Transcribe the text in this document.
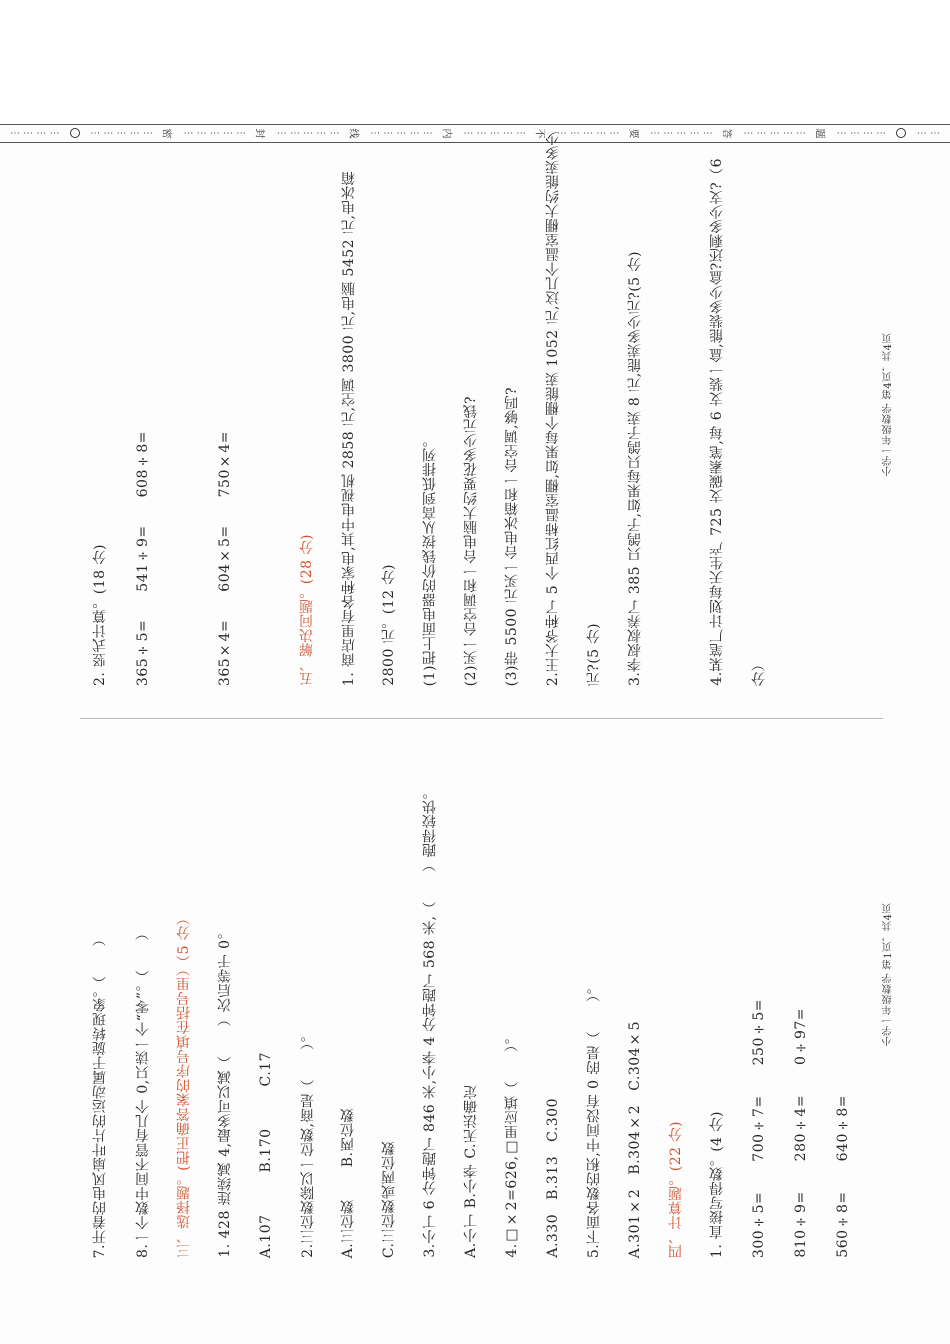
⋯ ⋯ ⋯ ⋯	⋯ ⋯ ⋯ ⋯ ⋯ 密	⋯ ⋯ ⋯ ⋯ ⋯ 封	⋯ ⋯ ⋯ ⋯ ⋯ 线	⋯ ⋯ ⋯ ⋯ ⋯ 内	⋯ ⋯ ⋯ ⋯ ⋯ 不	⋯ ⋯ ⋯ ⋯ ⋯ 要	⋯ ⋯ ⋯ ⋯ ⋯ 答	⋯ ⋯ ⋯ ⋯ ⋯ 题	⋯ ⋯ ⋯ ⋯	⋯ ⋯
7.开着的电风扇叶片的运动属于旋转现象。（　　） 8.一个数中间不管有几个 0,只读一个“零”。（　　） 三、选择题。(把正确答案的序号填在括号里）（5 分） 1. 428 连续减 4,最多可以减（　　）次后等于 0。 A.107B.170C.17 2.三位数除以一位数,商是（　　）。 A.三位数B.两位数
C.三位数或两位数 3.小丁 6 分钟跑了 846 米,小李 4 分钟跑了 568 米,（　　）跑得较快。 A.小丁 B.小李 C.无法确定 4.□×2=626,□里应填（　　）。 A.330B.313C.300 5.下面各数的积,中间没有 0 的是（　　）。 A.301×2B.304×2C.304×5
四、计算题。(22 分) 1. 直接写得数。(4 分) 300÷5=700÷7=250÷5=
810÷9=280÷4=0÷97=
560÷8=640÷8=
小学一年级数学 第1页，共4页
2. 竖式计算。(18 分) 365÷5=541÷9=608÷8=
365×4=604×5=750×4=
五、解决问题。(28 分) 1. 商店里有各种家电,其中电视机 2858 元,空调 3800 元,电脑 5452 元,电冰箱 2800 元。(12 分) (1)把上面电器的价钱按从高到低排列。 (2)买一台空调和一台电脑大约要花多少元钱? (3)带 5500 元买一台电冰箱和一台空调,够吗? 2.王大爷种了 5 个西红柿温室棚,如果每个棚能卖 1052 元,这几个温室棚大约能卖多少 元?(5 分) 3.李叔叔养了 385 只鸽子,如果每只鸽子卖 8 元,能卖多少元?(5 分)	4.某笔厂计划每天生产 725 支碳素笔,每 6 支装一盒,能装多少盒?还剩多少支?（6 分）
小学一年级数学 第4页，共4页
